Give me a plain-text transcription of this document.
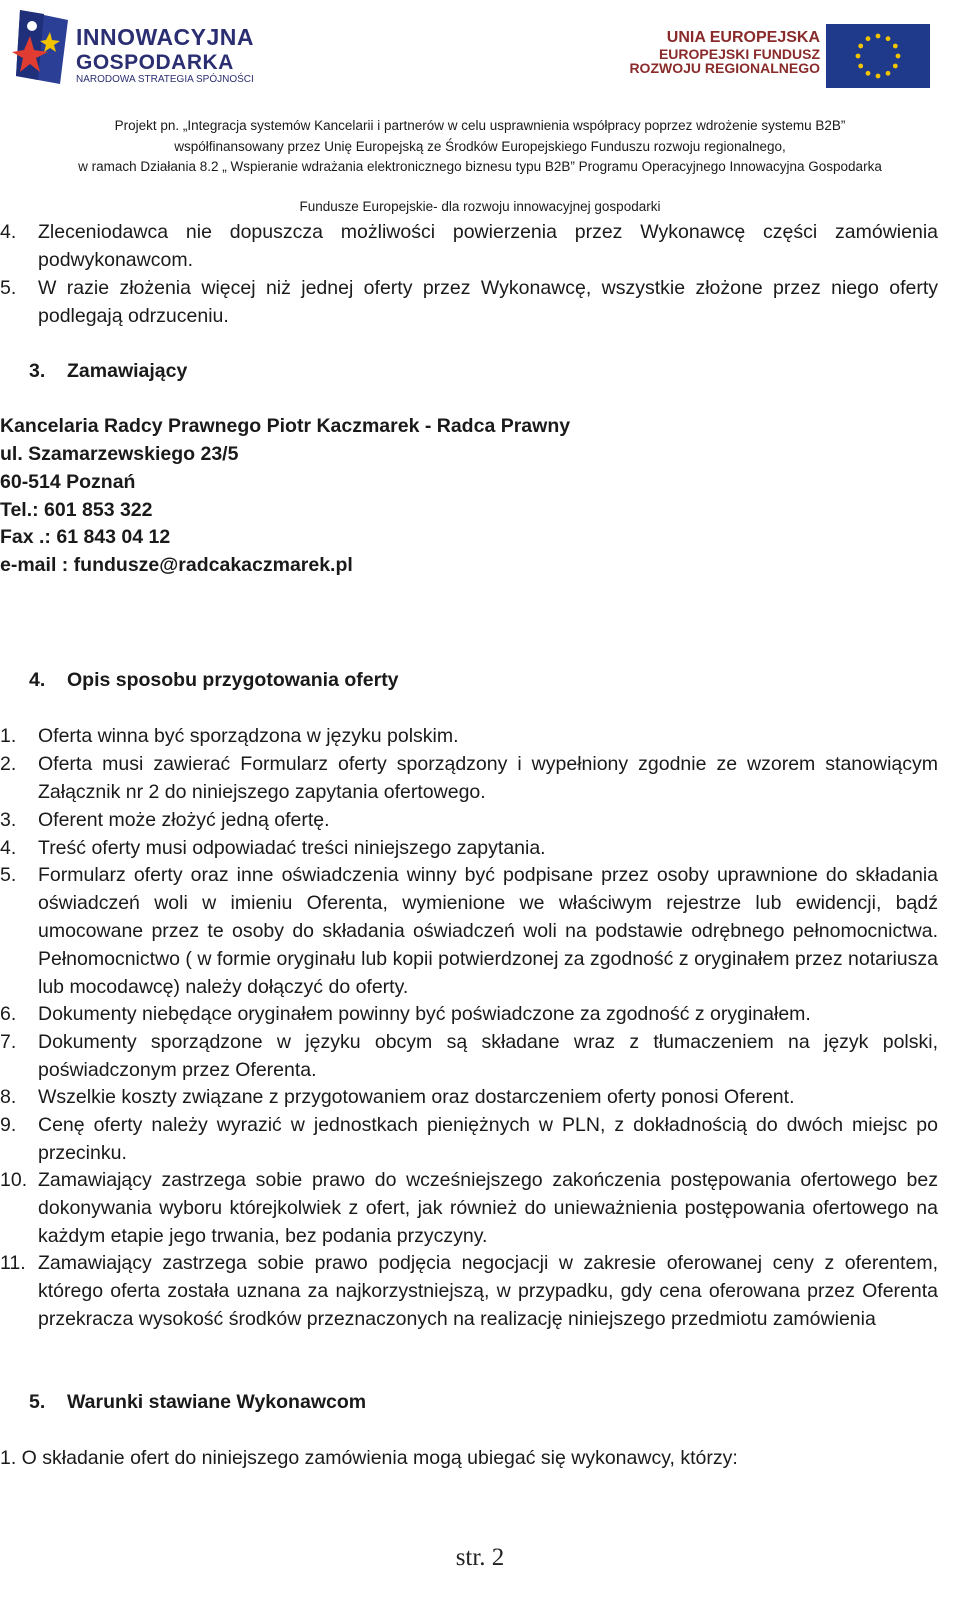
INNOWACYJNA
GOSPODARKA
NARODOWA STRATEGIA SPÓJNOŚCI
UNIA EUROPEJSKA
EUROPEJSKI FUNDUSZ
ROZWOJU REGIONALNEGO
Projekt pn. „Integracja systemów Kancelarii i partnerów w celu usprawnienia współpracy poprzez wdrożenie systemu B2B”
współfinansowany przez Unię Europejską ze Środków Europejskiego Funduszu rozwoju regionalnego,
w ramach Działania 8.2 „ Wspieranie wdrażania elektronicznego biznesu typu B2B” Programu Operacyjnego Innowacyjna Gospodarka
Fundusze Europejskie- dla rozwoju innowacyjnej gospodarki
4. Zleceniodawca nie dopuszcza możliwości powierzenia przez Wykonawcę części zamówienia podwykonawcom.
5. W razie złożenia więcej niż jednej oferty przez Wykonawcę, wszystkie złożone przez niego oferty podlegają odrzuceniu.
3. Zamawiający
Kancelaria Radcy Prawnego Piotr Kaczmarek - Radca Prawny
ul. Szamarzewskiego 23/5
60-514 Poznań
Tel.: 601 853 322
Fax .: 61 843 04 12
e-mail : fundusze@radcakaczmarek.pl
4. Opis sposobu przygotowania oferty
1. Oferta winna być sporządzona w języku polskim.
2. Oferta musi zawierać Formularz oferty sporządzony i wypełniony zgodnie ze wzorem stanowiącym Załącznik nr 2 do niniejszego zapytania ofertowego.
3. Oferent może złożyć jedną ofertę.
4. Treść oferty musi odpowiadać treści niniejszego zapytania.
5. Formularz oferty oraz inne oświadczenia winny być podpisane przez osoby uprawnione do składania oświadczeń woli w imieniu Oferenta, wymienione we właściwym rejestrze lub ewidencji, bądź umocowane przez te osoby do składania oświadczeń woli na podstawie odrębnego pełnomocnictwa. Pełnomocnictwo ( w formie oryginału lub kopii potwierdzonej za zgodność z oryginałem przez notariusza lub mocodawcę) należy dołączyć do oferty.
6. Dokumenty niebędące oryginałem powinny być poświadczone za zgodność z oryginałem.
7. Dokumenty sporządzone w języku obcym są składane wraz z tłumaczeniem na język polski, poświadczonym przez Oferenta.
8. Wszelkie koszty związane z przygotowaniem oraz dostarczeniem oferty ponosi Oferent.
9. Cenę oferty należy wyrazić w jednostkach pieniężnych w PLN, z dokładnością do dwóch miejsc po przecinku.
10. Zamawiający zastrzega sobie prawo do wcześniejszego zakończenia postępowania ofertowego bez dokonywania wyboru którejkolwiek z ofert, jak również do unieważnienia postępowania ofertowego na każdym etapie jego trwania, bez podania przyczyny.
11. Zamawiający zastrzega sobie prawo podjęcia negocjacji w zakresie oferowanej ceny z oferentem, którego oferta została uznana za najkorzystniejszą, w przypadku, gdy cena oferowana przez Oferenta przekracza wysokość środków przeznaczonych na realizację niniejszego przedmiotu zamówienia
5. Warunki stawiane Wykonawcom
1. O składanie ofert do niniejszego zamówienia mogą ubiegać się wykonawcy, którzy:
str. 2
